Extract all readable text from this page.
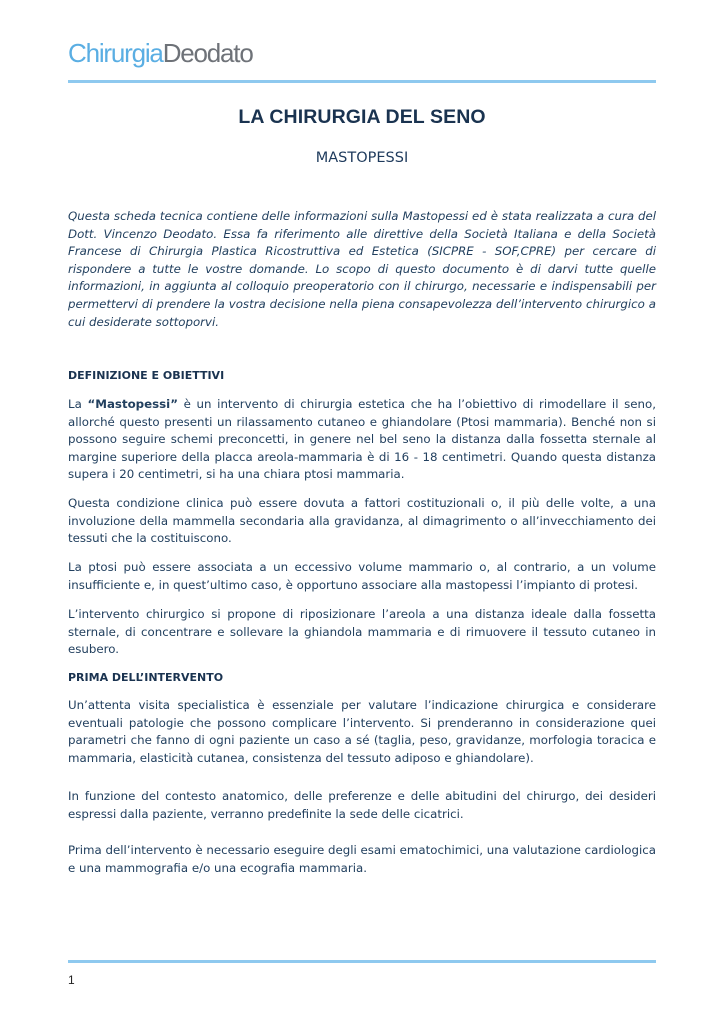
ChirurgiaDeodato
LA CHIRURGIA DEL SENO
MASTOPESSI

Questa scheda tecnica contiene delle informazioni sulla Mastopessi ed è stata realizzata a cura del Dott. Vincenzo Deodato. Essa fa riferimento alle direttive della Società Italiana e della Società Francese di Chirurgia Plastica Ricostruttiva ed Estetica (SICPRE - SOF,CPRE) per cercare di rispondere a tutte le vostre domande. Lo scopo di questo documento è di darvi tutte quelle informazioni, in aggiunta al colloquio preoperatorio con il chirurgo, necessarie e indispensabili per permettervi di prendere la vostra decisione nella piena consapevolezza dell’intervento chirurgico a cui desiderate sottoporvi.

DEFINIZIONE E OBIETTIVI

La “Mastopessi” è un intervento di chirurgia estetica che ha l’obiettivo di rimodellare il seno, allorché questo presenti un rilassamento cutaneo e ghiandolare (Ptosi mammaria). Benché non si possono seguire schemi preconcetti, in genere nel bel seno la distanza dalla fossetta sternale al margine superiore della placca areola-mammaria è di 16 - 18 centimetri. Quando questa distanza supera i 20 centimetri, si ha una chiara ptosi mammaria.

Questa condizione clinica può essere dovuta a fattori costituzionali o, il più delle volte, a una involuzione della mammella secondaria alla gravidanza, al dimagrimento o all’invecchiamento dei tessuti che la costituiscono.

La ptosi può essere associata a un eccessivo volume mammario o, al contrario, a un volume insufficiente e, in quest’ultimo caso, è opportuno associare alla mastopessi l’impianto di protesi.

L’intervento chirurgico si propone di riposizionare l’areola a una distanza ideale dalla fossetta sternale, di concentrare e sollevare la ghiandola mammaria e di rimuovere il tessuto cutaneo in esubero.

PRIMA DELL’INTERVENTO

Un’attenta visita specialistica è essenziale per valutare l’indicazione chirurgica e considerare eventuali patologie che possono complicare l’intervento. Si prenderanno in considerazione quei parametri che fanno di ogni paziente un caso a sé (taglia, peso, gravidanze, morfologia toracica e mammaria, elasticità cutanea, consistenza del tessuto adiposo e ghiandolare).

In funzione del contesto anatomico, delle preferenze e delle abitudini del chirurgo, dei desideri espressi dalla paziente, verranno predefinite la sede delle cicatrici.

Prima dell’intervento è necessario eseguire degli esami ematochimici, una valutazione cardiologica e una mammografia e/o una ecografia mammaria.

1
